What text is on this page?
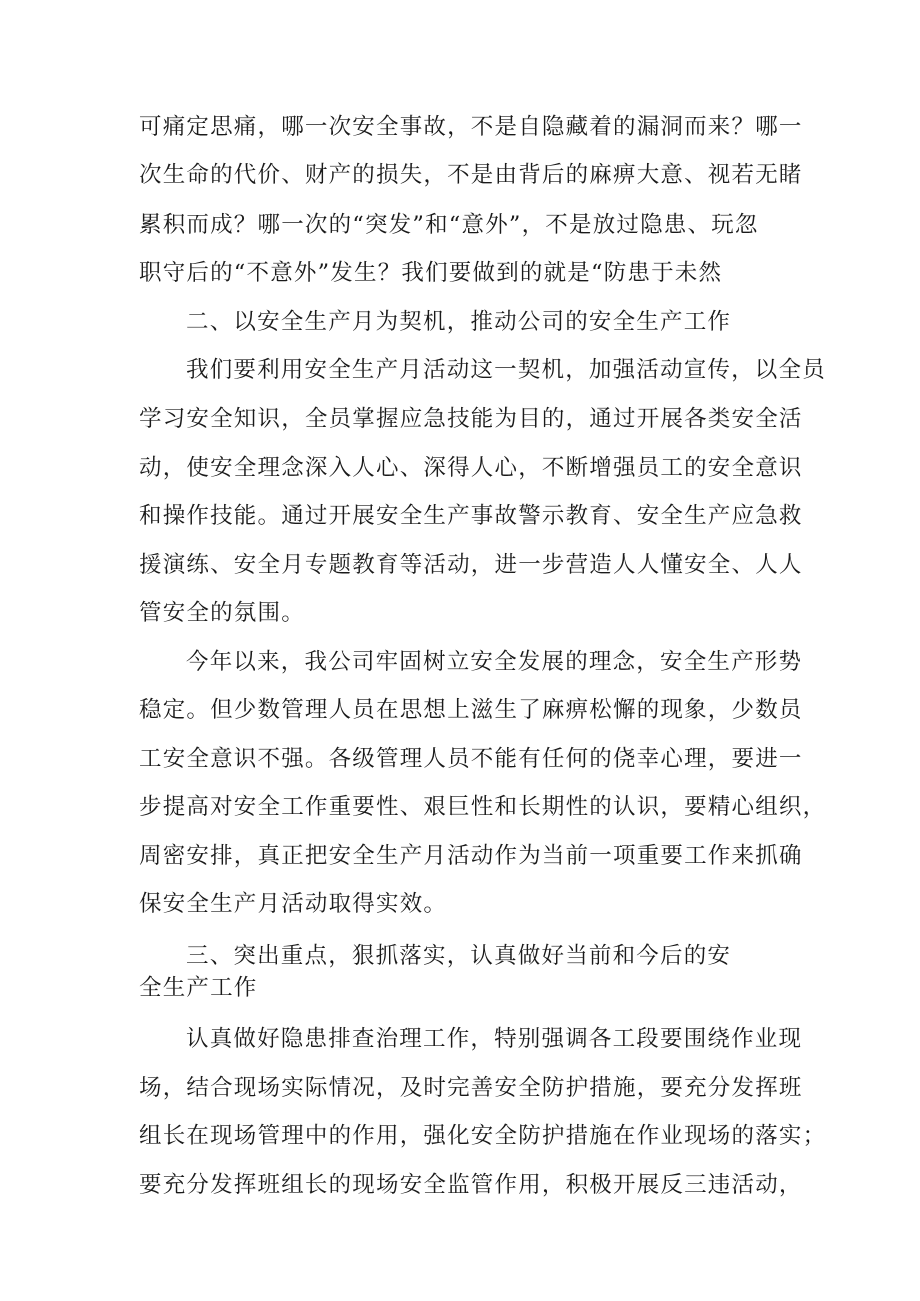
可痛定思痛，哪一次安全事故，不是自隐藏着的漏洞而来？哪一
次生命的代价、财产的损失，不是由背后的麻痹大意、视若无睹
累积而成？哪一次的“突发”和“意外”，不是放过隐患、玩忽
职守后的“不意外”发生？我们要做到的就是“防患于未然
二、以安全生产月为契机，推动公司的安全生产工作
我们要利用安全生产月活动这一契机，加强活动宣传，以全员
学习安全知识，全员掌握应急技能为目的，通过开展各类安全活
动，使安全理念深入人心、深得人心，不断增强员工的安全意识
和操作技能。通过开展安全生产事故警示教育、安全生产应急救
援演练、安全月专题教育等活动，进一步营造人人懂安全、人人
管安全的氛围。
今年以来，我公司牢固树立安全发展的理念，安全生产形势
稳定。但少数管理人员在思想上滋生了麻痹松懈的现象，少数员
工安全意识不强。各级管理人员不能有任何的侥幸心理，要进一
步提高对安全工作重要性、艰巨性和长期性的认识，要精心组织，
周密安排，真正把安全生产月活动作为当前一项重要工作来抓确
保安全生产月活动取得实效。
三、突出重点，狠抓落实，认真做好当前和今后的安
全生产工作
认真做好隐患排查治理工作，特别强调各工段要围绕作业现
场，结合现场实际情况，及时完善安全防护措施，要充分发挥班
组长在现场管理中的作用，强化安全防护措施在作业现场的落实；
要充分发挥班组长的现场安全监管作用，积极开展反三违活动，
